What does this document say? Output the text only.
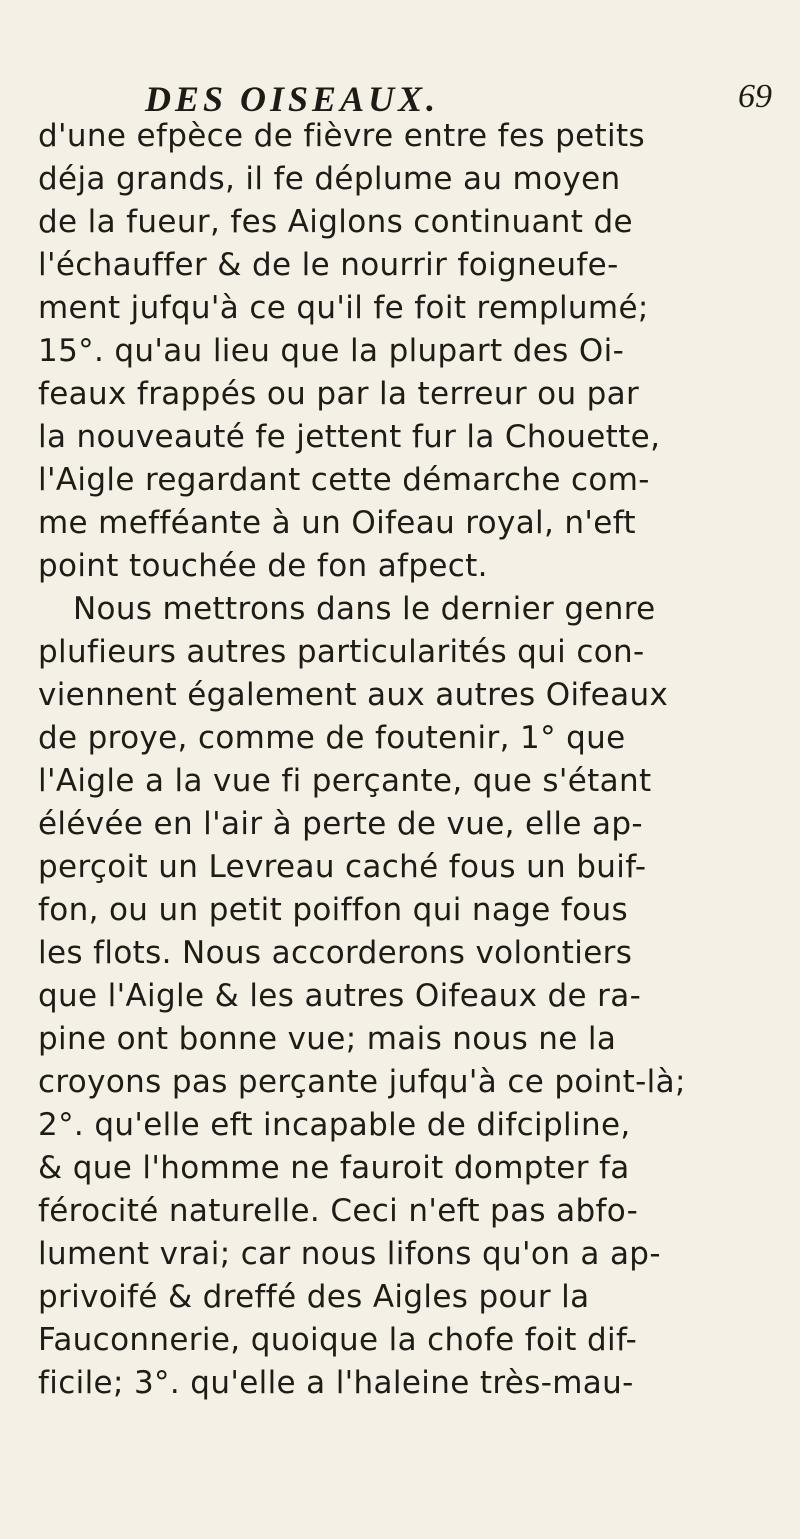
DES OISEAUX.	69
d'une efpèce de fièvre entre fes petits
déja grands, il fe déplume au moyen
de la fueur, fes Aiglons continuant de
l'échauffer & de le nourrir foigneufe-
ment jufqu'à ce qu'il fe foit remplumé;
15°. qu'au lieu que la plupart des Oi-
feaux frappés ou par la terreur ou par
la nouveauté fe jettent fur la Chouette,
l'Aigle regardant cette démarche com-
me mefféante à un Oifeau royal, n'eft
point touchée de fon afpect.
Nous mettrons dans le dernier genre
plufieurs autres particularités qui con-
viennent également aux autres Oifeaux
de proye, comme de foutenir, 1° que
l'Aigle a la vue fi perçante, que s'étant
élévée en l'air à perte de vue, elle ap-
perçoit un Levreau caché fous un buif-
fon, ou un petit poiffon qui nage fous
les flots. Nous accorderons volontiers
que l'Aigle & les autres Oifeaux de ra-
pine ont bonne vue; mais nous ne la
croyons pas perçante jufqu'à ce point-là;
2°. qu'elle eft incapable de difcipline,
& que l'homme ne fauroit dompter fa
férocité naturelle. Ceci n'eft pas abfo-
lument vrai; car nous lifons qu'on a ap-
privoifé & dreffé des Aigles pour la
Fauconnerie, quoique la chofe foit dif-
ficile; 3°. qu'elle a l'haleine très-mau-
